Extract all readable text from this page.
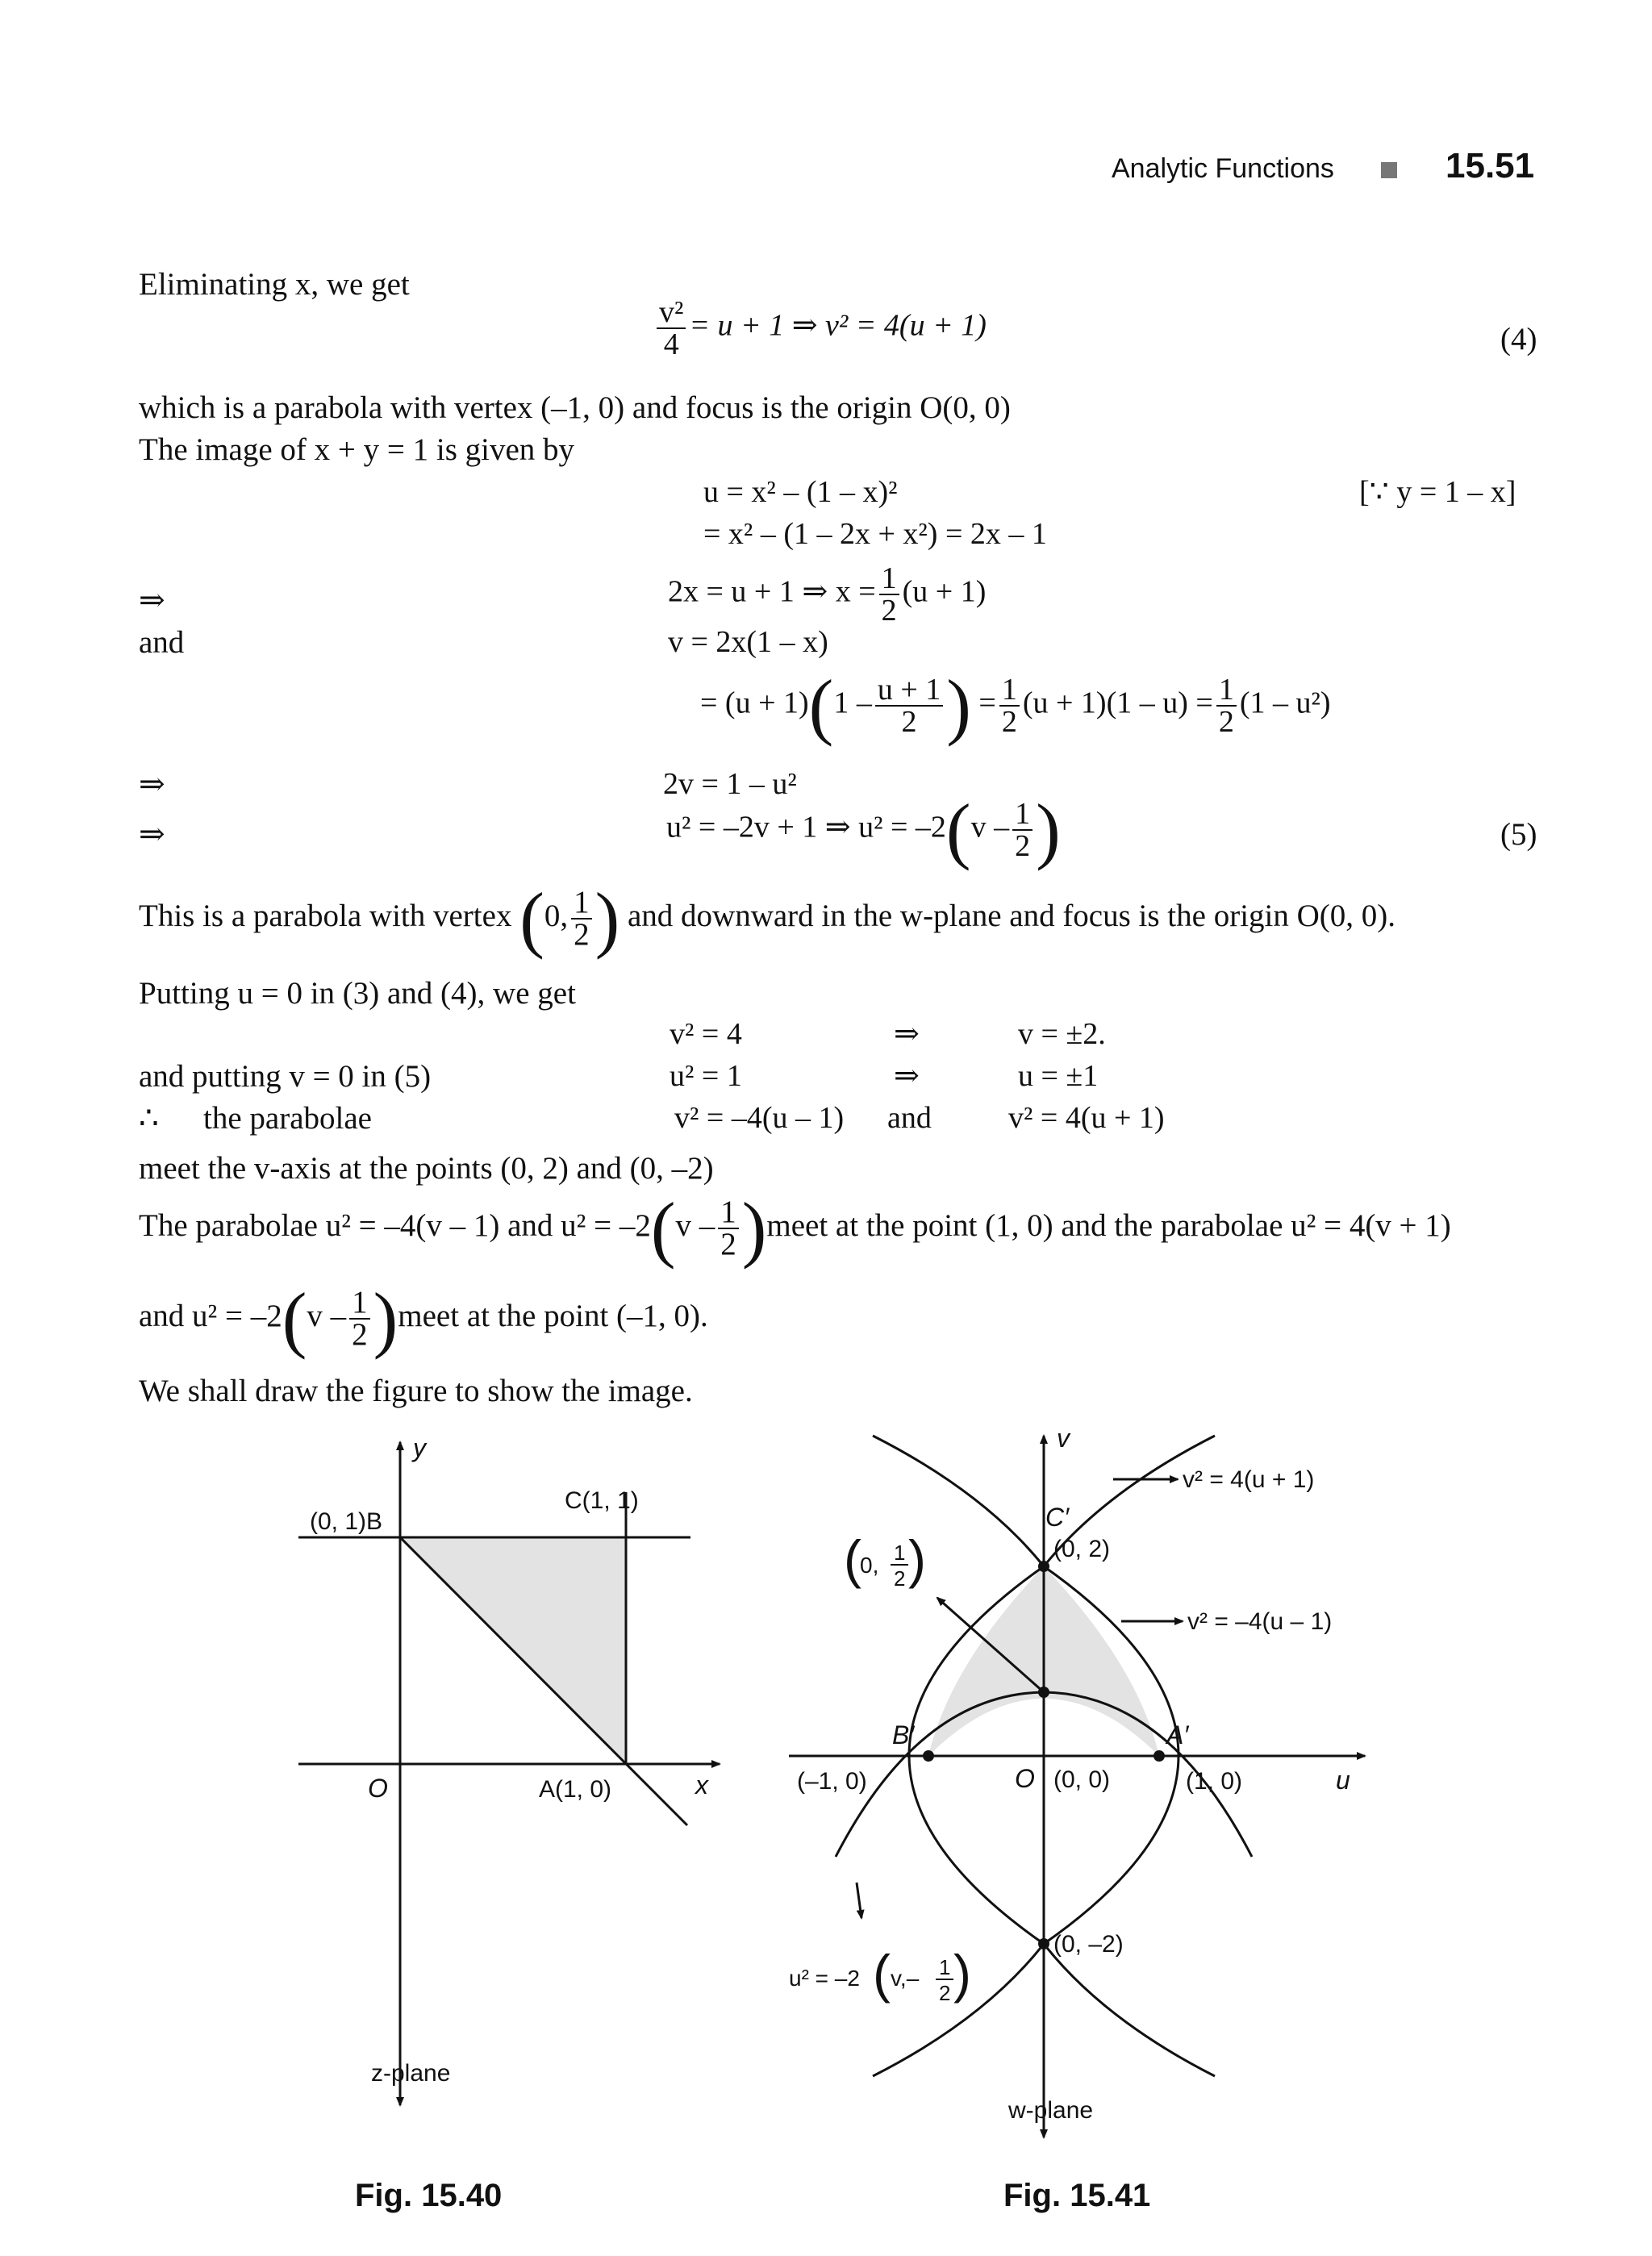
Analytic Functions	15.51
Eliminating x, we get
$\frac{\text{v²}}{4} = u + 1$ ⇒ v² = 4(u + 1)	(4)
which is a parabola with vertex (–1, 0) and focus is the origin O(0, 0)
The image of x + y = 1 is given by
u = x² – (1 – x)²	[∵ y = 1 – x]
= x² – (1 – 2x + x²) = 2x – 1
⇒	2x = u + 1 ⇒ $x = \frac{1}{2} (u + 1)$
and	v = 2x(1 – x)
= $(u + 1)(1 - \frac{u + 1}{2}$ ) = $\frac{1}{2} (u + 1)(1 - u) = \frac{1}{2} (1 - u^2)$
⇒	2v = 1 – u²
⇒	u² = –2v + 1 ⇒ $u^2 = -2(v - \frac{1}{2}$ )	(5)
This is a parabola with vertex (0, $\frac{1}{2}$ ) and downward in the w-plane and focus is the origin O(0, 0).
Putting u = 0 in (3) and (4), we get
v² = 4	⇒	v = ±2.
and putting v = 0 in (5)	u² = 1	⇒	u = ±1
∴ the parabolae	v² = –4(u – 1) and	v² = 4(u + 1)
meet the v-axis at the points (0, 2) and (0, –2)
The parabolae u² = –4(v – 1) and $u^2 = -2(v - \frac{1}{2}$ )meet at the point (1, 0) and the parabolae u² = 4(v + 1)
and $u^2 = -2(v - \frac{1}{2}$ )meet at the point (–1, 0).
We shall draw the figure to show the image.
y
x
O
(0, 1)B
C(1, 1)
A(1, 0)
z-plane
Fig. 15.40
v
u
C′
(0, 2)
B′
(–1, 0)
A′
(1, 0)
O (0, 0)
(0, –2)
v² = 4(u + 1)
v² = –4(u – 1)
(
0, 1
2 )
u² = –2 ( v,– 1
2 )
w-plane
Fig. 15.41
